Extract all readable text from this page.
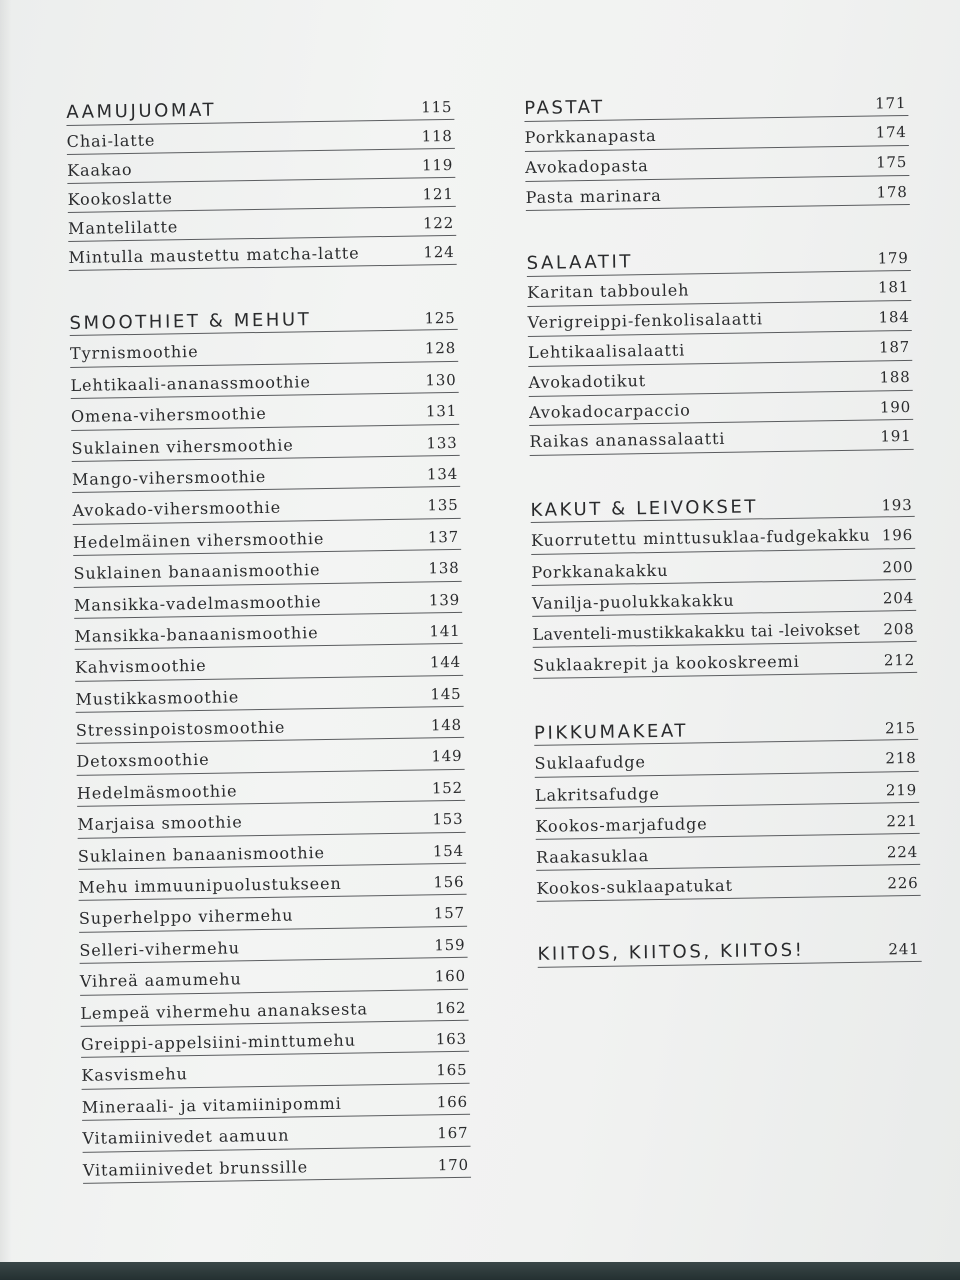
AAMUJUOMAT	115
Chai-latte	118
Kaakao	119
Kookoslatte	121
Mantelilatte	122
Mintulla maustettu matcha-latte	124
SMOOTHIET & MEHUT	125
Tyrnismoothie	128
Lehtikaali-ananassmoothie	130
Omena-vihersmoothie	131
Suklainen vihersmoothie	133
Mango-vihersmoothie	134
Avokado-vihersmoothie	135
Hedelmäinen vihersmoothie	137
Suklainen banaanismoothie	138
Mansikka-vadelmasmoothie	139
Mansikka-banaanismoothie	141
Kahvismoothie	144
Mustikkasmoothie	145
Stressinpoistosmoothie	148
Detoxsmoothie	149
Hedelmäsmoothie	152
Marjaisa smoothie	153
Suklainen banaanismoothie	154
Mehu immuunipuolustukseen	156
Superhelppo vihermehu	157
Selleri-vihermehu	159
Vihreä aamumehu	160
Lempeä vihermehu ananaksesta	162
Greippi-appelsiini-minttumehu	163
Kasvismehu	165
Mineraali- ja vitamiinipommi	166
Vitamiinivedet aamuun	167
Vitamiinivedet brunssille	170
PASTAT	171
Porkkanapasta	174
Avokadopasta	175
Pasta marinara	178
SALAATIT	179
Karitan tabbouleh	181
Verigreippi-fenkolisalaatti	184
Lehtikaalisalaatti	187
Avokadotikut	188
Avokadocarpaccio	190
Raikas ananassalaatti	191
KAKUT & LEIVOKSET	193
Kuorrutettu minttusuklaa-fudgekakku 196
Porkkanakakku	200
Vanilja-puolukkakakku	204
Laventeli-mustikkakakku tai -leivokset 208
Suklaakrepit ja kookoskreemi	212
PIKKUMAKEAT	215
Suklaafudge	218
Lakritsafudge	219
Kookos-marjafudge	221
Raakasuklaa	224
Kookos-suklaapatukat	226
KIITOS, KIITOS, KIITOS!	241
